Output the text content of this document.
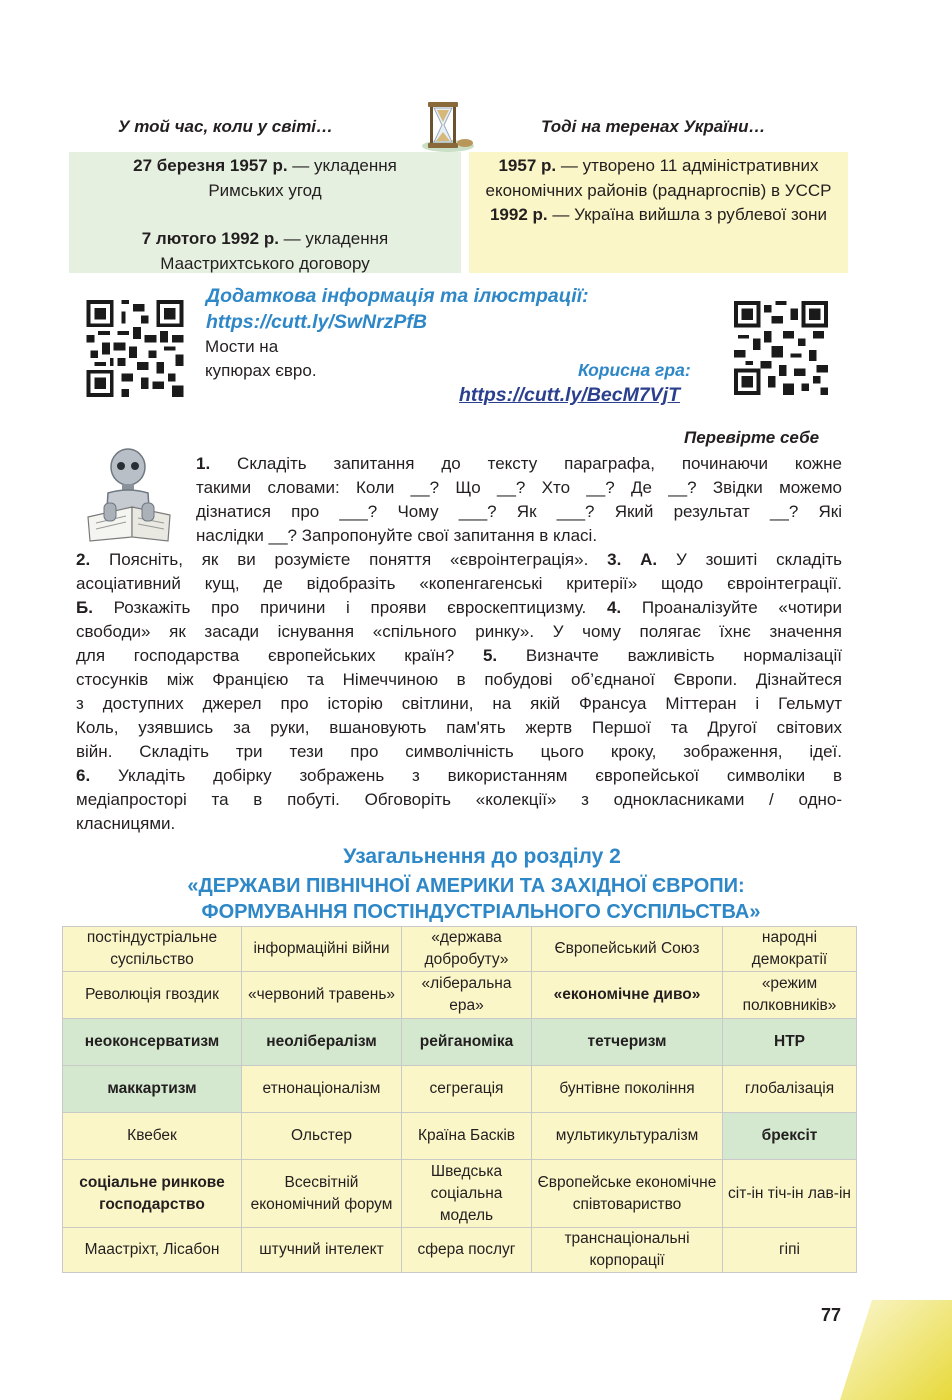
У той час, коли у світі…	Тоді на теренах України…

27 березня 1957 р. — укладення Римських угод

7 лютого 1992 р. — укладення Маастрихтського договору

1957 р. — утворено 11 адміністративних економічних районів (раднаргоспів) в УССР

1992 р. — Україна вийшла з рублевої зони

Додаткова інформація та ілюстрації:
https://cutt.ly/SwNrzPfB
Мости на
купюрах євро.	Корисна гра:
https://cutt.ly/BecM7VjT
Перевірте себе
1. Складіть запитання до тексту параграфа, починаючи кожне
такими словами: Коли __? Що __? Хто __? Де __? Звідки можемо
дізнатися про ___? Чому ___? Як ___? Який результат __? Які
наслідки __? Запропонуйте свої запитання в класі.
2. Поясніть, як ви розумієте поняття «євроінтеграція». 3. А. У зошиті складіть
асоціативний кущ, де відобразіть «копенгагенські критерії» щодо євроінтеграції.
Б. Розкажіть про причини і прояви євроскептицизму. 4. Проаналізуйте «чотири
свободи» як засади існування «спільного ринку». У чому полягає їхнє значення
для господарства європейських країн? 5. Визначте важливість нормалізації
стосунків між Францією та Німеччиною в побудові об’єднаної Європи. Дізнайтеся
з доступних джерел про історію світлини, на якій Франсуа Міттеран і Гельмут
Коль, узявшись за руки, вшановують пам'ять жертв Першої та Другої світових
війн. Складіть три тези про символічність цього кроку, зображення, ідеї.
6. Укладіть добірку зображень з використанням європейської символіки в
медіапросторі та в побуті. Обговоріть «колекції» з однокласниками / одно-
класницями.
Узагальнення до розділу 2
«ДЕРЖАВИ ПІВНІЧНОЇ АМЕРИКИ ТА ЗАХІДНОЇ ЄВРОПИ:
ФОРМУВАННЯ ПОСТІНДУСТРІАЛЬНОГО СУСПІЛЬСТВА»
постіндустріальне суспільство	інформаційні війни	«держава добробуту»	Європейський Союз	народні демократії
Революція гвоздик	«червоний травень»	«ліберальна ера»	«економічне диво»	«режим полковників»
неоконсерватизм	неолібералізм	рейганоміка	тетчеризм	НТР
маккартизм	етнонаціоналізм	сегрегація	бунтівне покоління	глобалізація
Квебек	Ольстер	Країна Басків	мультикультуралізм	брексіт
соціальне ринкове господарство	Всесвітній економічний форум	Шведська соціальна модель	Європейське економічне співтовариство	сіт-ін тіч-ін лав-ін
Маастріхт, Лісабон	штучний інтелект	сфера послуг	транснаціональні корпорації	гіпі
77
